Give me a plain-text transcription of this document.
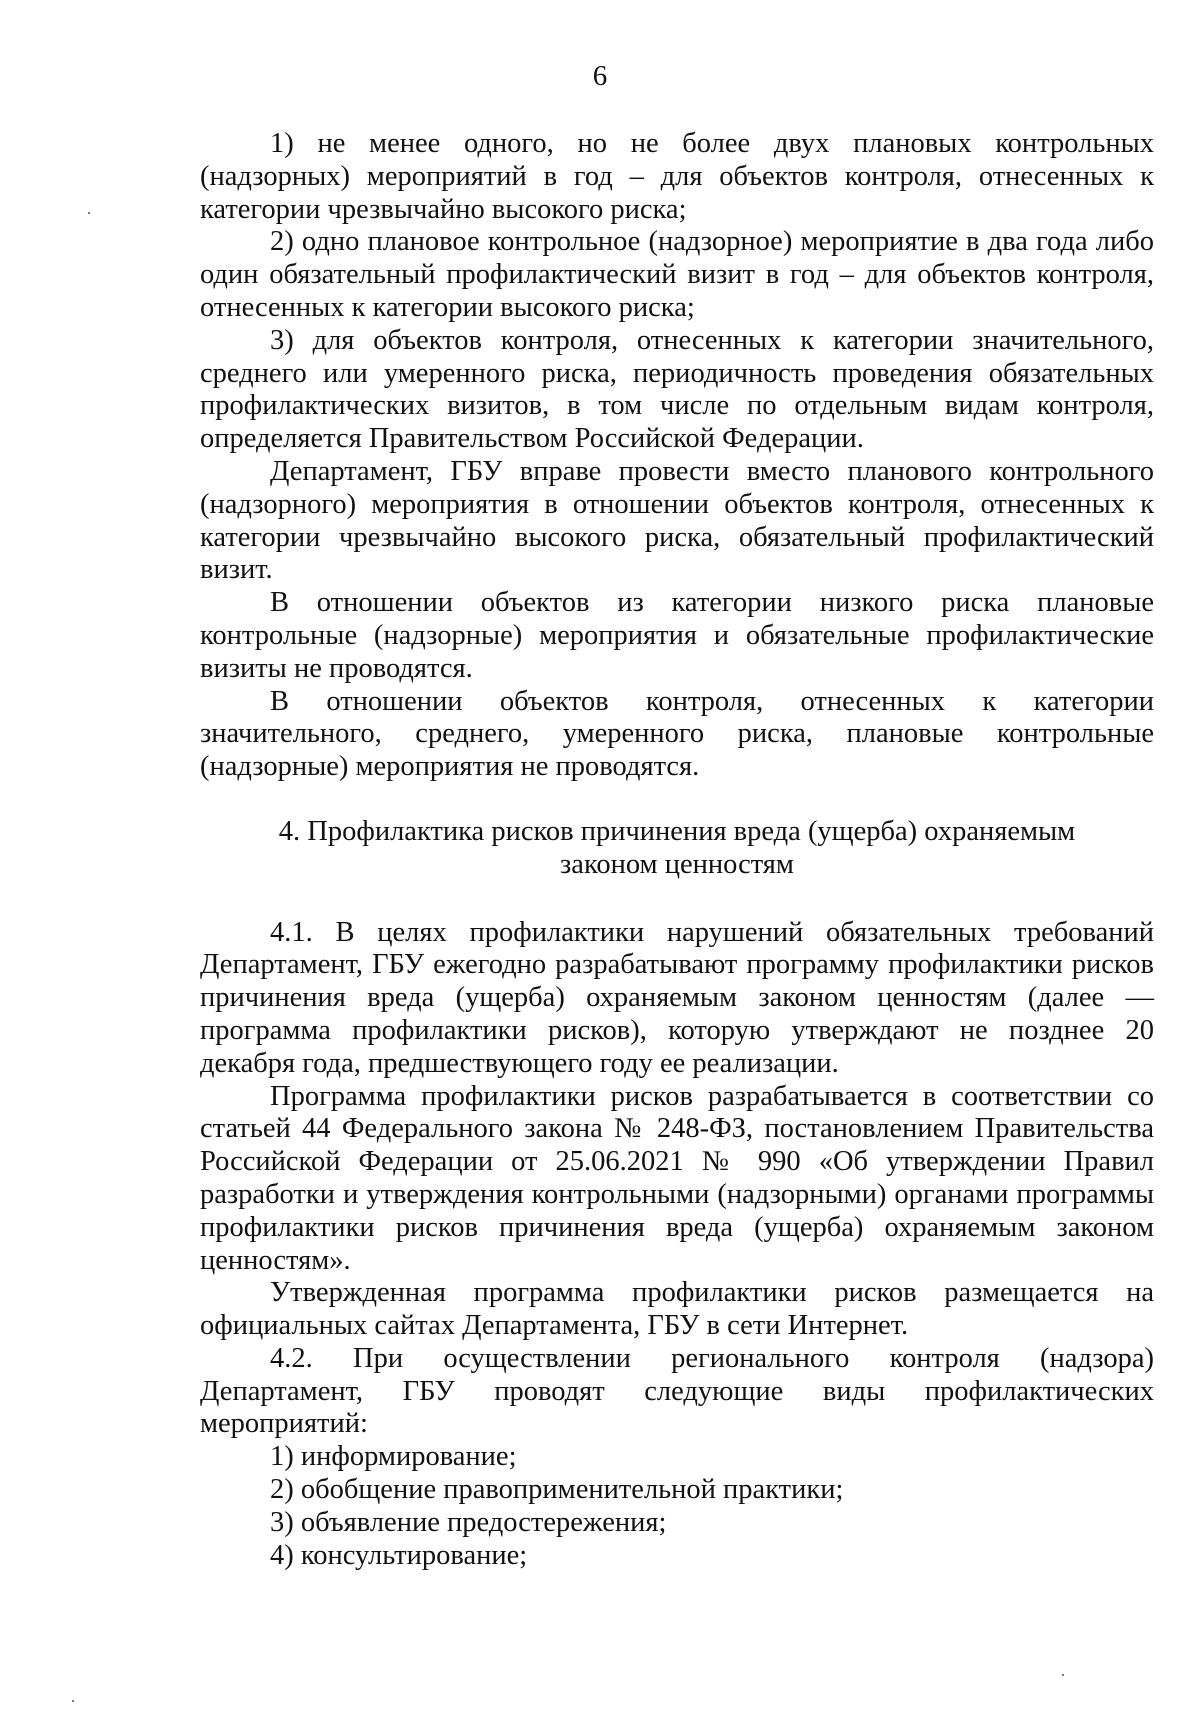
6

1) не менее одного, но не более двух плановых контрольных (надзорных) мероприятий в год – для объектов контроля, отнесенных к категории чрезвычайно высокого риска;

2) одно плановое контрольное (надзорное) мероприятие в два года либо один обязательный профилактический визит в год – для объектов контроля, отнесенных к категории высокого риска;

3) для объектов контроля, отнесенных к категории значительного, среднего или умеренного риска, периодичность проведения обязательных профилактических визитов, в том числе по отдельным видам контроля, определяется Правительством Российской Федерации.

Департамент, ГБУ вправе провести вместо планового контрольного (надзорного) мероприятия в отношении объектов контроля, отнесенных к категории чрезвычайно высокого риска, обязательный профилактический визит.

В отношении объектов из категории низкого риска плановые контрольные (надзорные) мероприятия и обязательные профилактические визиты не проводятся.

В отношении объектов контроля, отнесенных к категории значительного, среднего, умеренного риска, плановые контрольные (надзорные) мероприятия не проводятся.

4. Профилактика рисков причинения вреда (ущерба) охраняемым
законом ценностям

4.1. В целях профилактики нарушений обязательных требований Департамент, ГБУ ежегодно разрабатывают программу профилактики рисков причинения вреда (ущерба) охраняемым законом ценностям (далее — программа профилактики рисков), которую утверждают не позднее 20 декабря года, предшествующего году ее реализации.

Программа профилактики рисков разрабатывается в соответствии со статьей 44 Федерального закона № 248-ФЗ, постановлением Правительства Российской Федерации от 25.06.2021 № 990 «Об утверждении Правил разработки и утверждения контрольными (надзорными) органами программы профилактики рисков причинения вреда (ущерба) охраняемым законом ценностям».

Утвержденная программа профилактики рисков размещается на официальных сайтах Департамента, ГБУ в сети Интернет.

4.2. При осуществлении регионального контроля (надзора) Департамент, ГБУ проводят следующие виды профилактических мероприятий:

1) информирование;

2) обобщение правоприменительной практики;

3) объявление предостережения;

4) консультирование;
